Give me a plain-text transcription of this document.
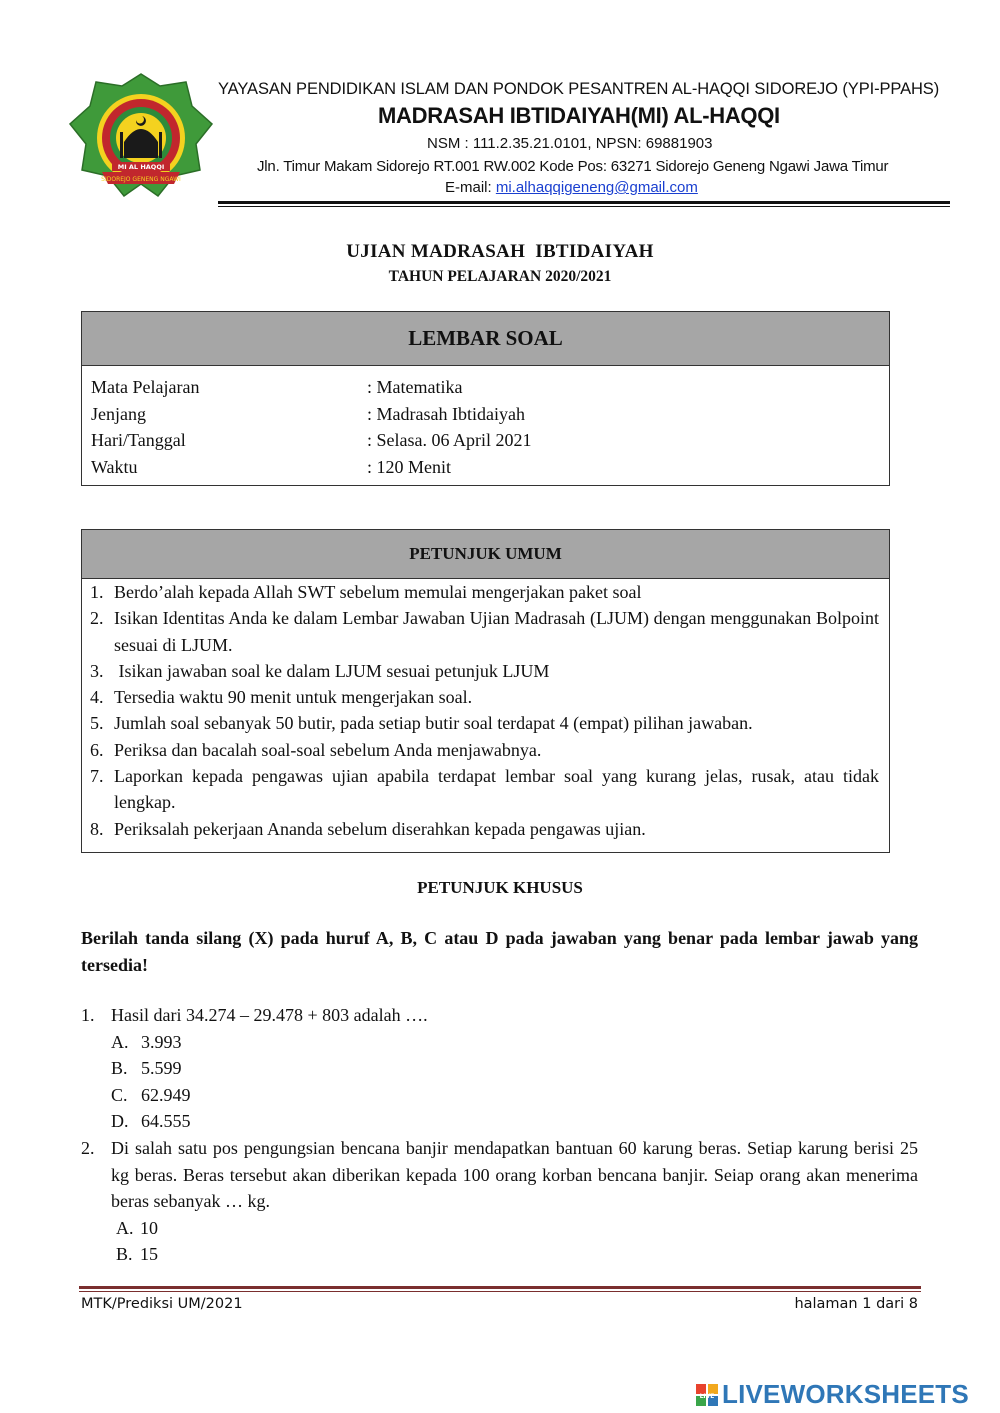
SIDOREJO GENENG NGAWI
MI AL HAQQI
YAYASAN PENDIDIKAN ISLAM DAN PONDOK PESANTREN AL-HAQQI SIDOREJO (YPI-PPAHS)
MADRASAH IBTIDAIYAH(MI) AL-HAQQI
NSM : 111.2.35.21.0101, NPSN: 69881903
Jln. Timur Makam Sidorejo RT.001 RW.002 Kode Pos: 63271 Sidorejo Geneng Ngawi Jawa Timur
E-mail: mi.alhaqqigeneng@gmail.com
UJIAN MADRASAH  IBTIDAIYAH
TAHUN PELAJARAN 2020/2021
LEMBAR SOAL
Mata Pelajaran	: Matematika
Jenjang	: Madrasah Ibtidaiyah
Hari/Tanggal	: Selasa. 06 April 2021
Waktu	: 120 Menit
PETUNJUK UMUM
1. Berdo’alah kepada Allah SWT sebelum memulai mengerjakan paket soal
2. Isikan Identitas Anda ke dalam Lembar Jawaban Ujian Madrasah (LJUM) dengan menggunakan Bolpoint sesuai di LJUM.
3. Isikan jawaban soal ke dalam LJUM sesuai petunjuk LJUM
4. Tersedia waktu 90 menit untuk mengerjakan soal.
5. Jumlah soal sebanyak 50 butir, pada setiap butir soal terdapat 4 (empat) pilihan jawaban.
6. Periksa dan bacalah soal-soal sebelum Anda menjawabnya.
7. Laporkan kepada pengawas ujian apabila terdapat lembar soal yang kurang jelas, rusak, atau tidak lengkap.
8. Periksalah pekerjaan Ananda sebelum diserahkan kepada pengawas ujian.
PETUNJUK KHUSUS
Berilah tanda silang (X) pada huruf A, B, C atau D pada jawaban yang benar pada lembar jawab yang tersedia!
1. Hasil dari 34.274 – 29.478 + 803 adalah ….
A. 3.993
B. 5.599
C. 62.949
D. 64.555
2. Di salah satu pos pengungsian bencana banjir mendapatkan bantuan 60 karung beras. Setiap karung berisi 25 kg beras. Beras tersebut akan diberikan kepada 100 orang korban bencana banjir. Seiap orang akan menerima beras sebanyak … kg.
A. 10
B. 15
MTK/Prediksi UM/2021	halaman 1 dari 8
LIVE LIVEWORKSHEETS
